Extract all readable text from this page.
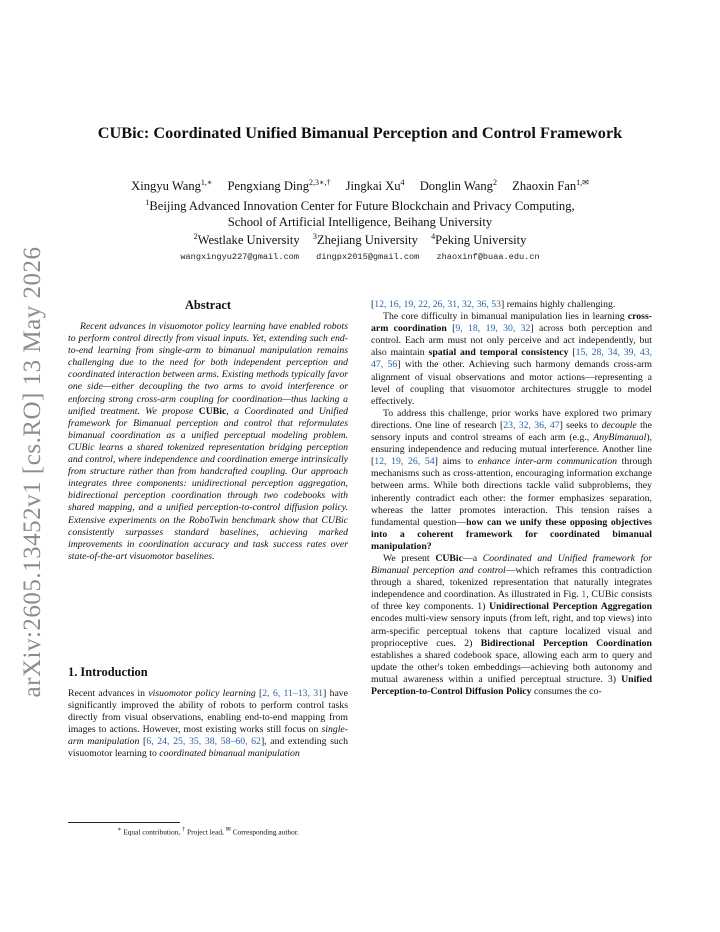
arXiv:2605.13452v1 [cs.RO] 13 May 2026
CUBic: Coordinated Unified Bimanual Perception and Control Framework
Xingyu Wang$^{1,∗}$ Pengxiang Ding$^{2,3∗,\dagger}$ Jingkai Xu$^4$ Donglin Wang$^2$ Zhaoxin Fan$^{1,✉}$
$^1$Beijing Advanced Innovation Center for Future Blockchain and Privacy Computing,
School of Artificial Intelligence, Beihang University
$^2$Westlake University $^3$Zhejiang University $^4$Peking University
wangxingyu227@gmail.com dingpx2015@gmail.com zhaoxinf@buaa.edu.cn
Abstract

Recent advances in visuomotor policy learning have enabled robots to perform control directly from visual inputs. Yet, extending such end-to-end learning from single-arm to bimanual manipulation remains challenging due to the need for both independent perception and coordinated interaction between arms. Existing methods typically favor one side—either decoupling the two arms to avoid interference or enforcing strong cross-arm coupling for coordination—thus lacking a unified treatment. We propose CUBic, a Coordinated and Unified framework for Bimanual perception and control that reformulates bimanual coordination as a unified perceptual modeling problem. CUBic learns a shared tokenized representation bridging perception and control, where independence and coordination emerge intrinsically from structure rather than from handcrafted coupling. Our approach integrates three components: unidirectional perception aggregation, bidirectional perception coordination through two codebooks with shared mapping, and a unified perception-to-control diffusion policy. Extensive experiments on the RoboTwin benchmark show that CUBic consistently surpasses standard baselines, achieving marked improvements in coordination accuracy and task success rates over state-of-the-art visuomotor baselines.

1. Introduction

Recent advances in visuomotor policy learning [2, 6, 11–13, 31] have significantly improved the ability of robots to perform control tasks directly from visual observations, enabling end-to-end mapping from images to actions. However, most existing works still focus on single-arm manipulation [6, 24, 25, 35, 38, 58–60, 62], and extending such visuomotor learning to coordinated bimanual manipulation

∗ Equal contribution, † Project lead, ✉ Corresponding author.

[12, 16, 19, 22, 26, 31, 32, 36, 53] remains highly challenging.

The core difficulty in bimanual manipulation lies in learning cross-arm coordination [9, 18, 19, 30, 32] across both perception and control. Each arm must not only perceive and act independently, but also maintain spatial and temporal consistency [15, 28, 34, 39, 43, 47, 56] with the other. Achieving such harmony demands cross-arm alignment of visual observations and motor actions—representing a level of coupling that visuomotor architectures struggle to model effectively.

To address this challenge, prior works have explored two primary directions. One line of research [23, 32, 36, 47] seeks to decouple the sensory inputs and control streams of each arm (e.g., AnyBimanual), ensuring independence and reducing mutual interference. Another line [12, 19, 26, 54] aims to enhance inter-arm communication through mechanisms such as cross-attention, encouraging information exchange between arms. While both directions tackle valid subproblems, they inherently contradict each other: the former emphasizes separation, whereas the latter promotes interaction. This tension raises a fundamental question—how can we unify these opposing objectives into a coherent framework for coordinated bimanual manipulation?

We present CUBic—a Coordinated and Unified framework for Bimanual perception and control—which reframes this contradiction through a shared, tokenized representation that naturally integrates independence and coordination. As illustrated in Fig. 1, CUBic consists of three key components. 1) Unidirectional Perception Aggregation encodes multi-view sensory inputs (from left, right, and top views) into arm-specific perceptual tokens that capture localized visual and proprioceptive cues. 2) Bidirectional Perception Coordination establishes a shared codebook space, allowing each arm to query and update the other's token embeddings—achieving both autonomy and mutual awareness within a unified perceptual structure. 3) Unified Perception-to-Control Diffusion Policy consumes the co-
